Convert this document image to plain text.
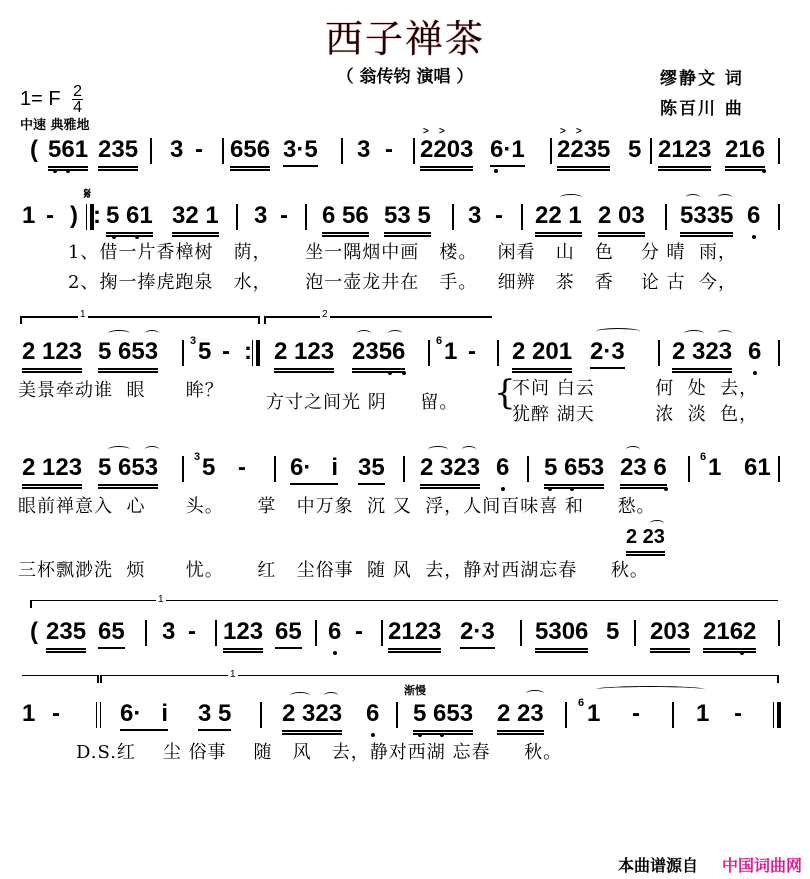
西子禅茶
（ 翁传钧 演唱 ）	缪静文 词
陈百川 曲
1= F $\frac{2}{4}$
中速 典雅地
( 561 235 3 - 656 3·5 3 -
> >
2203 6·1
> >
2235 5 2123 216
𝄋
1 - ) : 5 61 32 1 3 - 6 56 53 5 3 - 22 1 2 03 5335 6
1、借一片香樟树 荫， 坐一隅烟中画 楼。 闲看 山 色 分 晴 雨，
2、掬一捧虎跑泉 水， 泡一壶龙井在 手。 细辨 茶 香 论 古 今，
1	2
2 123 5 653	3 5 - : 2 123 2356	6 1 - 2 201 2·3 2 323 6
美景牵动谁 眼 眸？
方寸之间光 阴 留。 {
不问 白云	何 处 去，
犹醉 湖天	浓 淡 色，
2 123 5 653	3 5 - 6· i 35 2 323 6 5 653 23 6	6 1 61
眼前禅意入 心 头。 掌 中万象 沉 又 浮，人间百味喜 和 愁。
2 23
三杯飘渺洗 烦 忧。 红 尘俗事 随 风 去，静对西湖忘春 秋。
1
( 235 65 3 - 123 65 6 - 2123 2·3 5306 5 203 2162
1
渐慢
1 -	6· i 3 5 2 323 6 5 653 2 23	6 1 - 1 -
D.S.红 尘 俗事 随 风 去，静对西湖 忘春 秋。
本曲谱源自 中国词曲网
